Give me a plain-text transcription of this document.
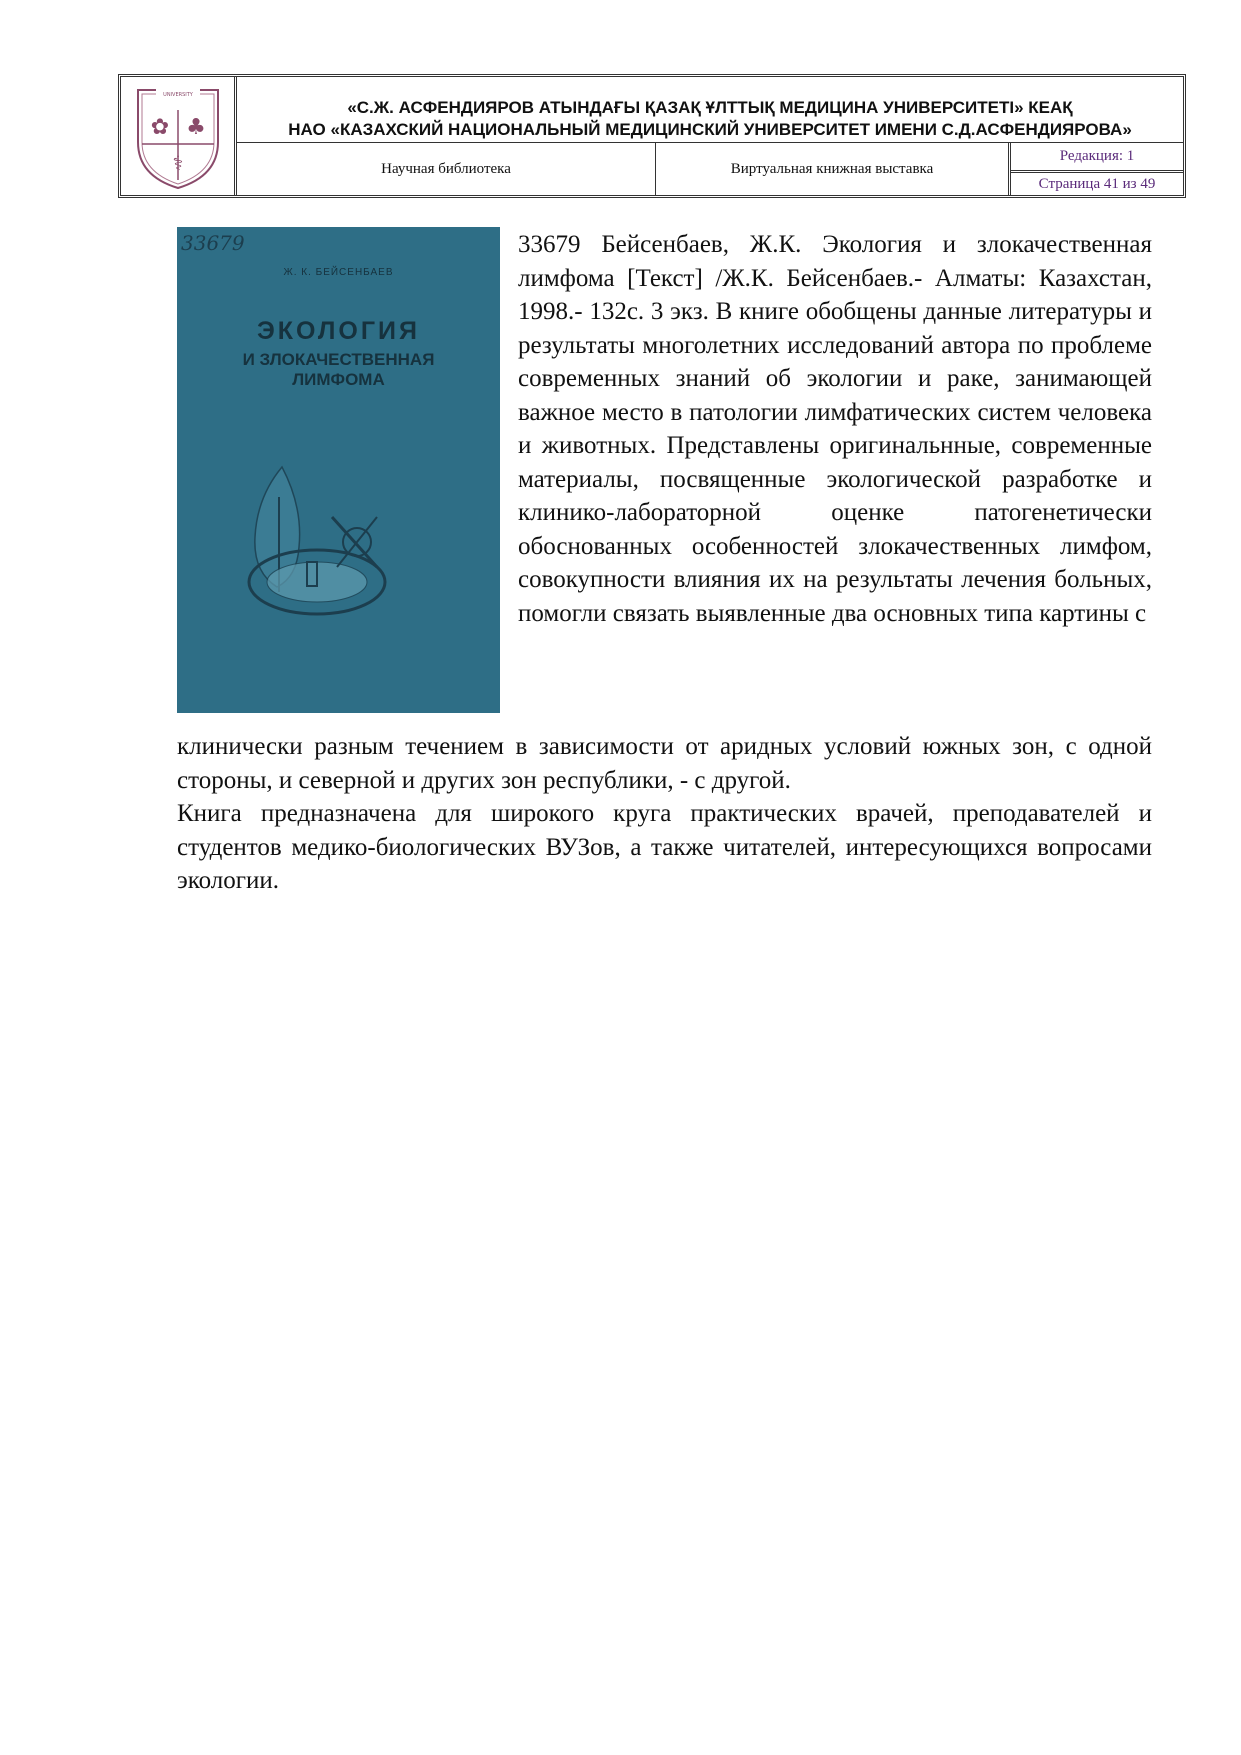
✿ ♣
⚕
UNIVERSITY
«С.Ж. АСФЕНДИЯРОВ АТЫНДАҒЫ ҚАЗАҚ ҰЛТТЫҚ МЕДИЦИНА УНИВЕРСИТЕТІ» КЕАҚ
НАО «КАЗАХСКИЙ НАЦИОНАЛЬНЫЙ МЕДИЦИНСКИЙ УНИВЕРСИТЕТ ИМЕНИ С.Д.АСФЕНДИЯРОВА»
Научная библиотека	Виртуальная книжная выставка
Редакция: 1
Страница 41 из 49
33679
Ж. К. БЕЙСЕНБАЕВ
ЭКОЛОГИЯ
И ЗЛОКАЧЕСТВЕННАЯ
ЛИМФОМА
33679 Бейсенбаев, Ж.К. Экология и злокачественная лимфома [Текст] /Ж.К. Бейсенбаев.- Алматы: Казахстан, 1998.- 132с. 3 экз. В книге обобщены данные литературы и результаты многолетних исследований автора по проблеме современных знаний об экологии и раке, занимающей важное место в патологии лимфатических систем человека и животных. Представлены оригинальнные, современные материалы, посвященные экологической разработке и клинико-лабораторной оценке патогенетически обоснованных особенностей злокачественных лимфом, совокупности влияния их на результаты лечения больных, помогли связать выявленные два основных типа картины с

клинически разным течением в зависимости от аридных условий южных зон, с одной стороны, и северной и других зон республики, - с другой.

Книга предназначена для широкого круга практических врачей, преподавателей и студентов медико-биологических ВУЗов, а также читателей, интересующихся вопросами экологии.
